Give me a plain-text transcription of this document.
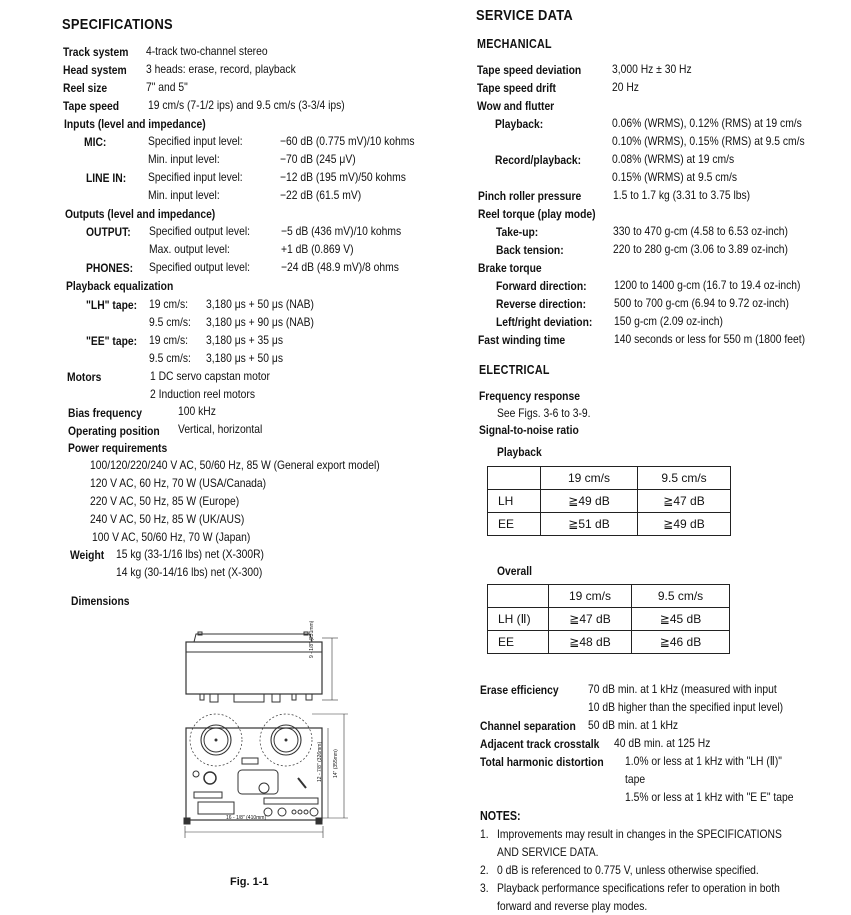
SPECIFICATIONS
Track system 4-track two-channel stereo
Head system 3 heads: erase, record, playback
Reel size	7" and 5"
Tape speed 19 cm/s (7-1/2 ips) and 9.5 cm/s (3-3/4 ips)
Inputs (level and impedance)
MIC:	Specified input level:	−60 dB (0.775 mV)/10 kohms
Min. input level:	−70 dB (245 μV)
LINE IN: Specified input level:	−12 dB (195 mV)/50 kohms
Min. input level:	−22 dB (61.5 mV)
Outputs (level and impedance)
OUTPUT: Specified output level:	−5 dB (436 mV)/10 kohms
Max. output level:	+1 dB (0.869 V)
PHONES: Specified output level:	−24 dB (48.9 mV)/8 ohms
Playback equalization
"LH" tape: 19 cm/s: 3,180 μs + 50 μs (NAB)
9.5 cm/s: 3,180 μs + 90 μs (NAB)
"EE" tape: 19 cm/s: 3,180 μs + 35 μs
9.5 cm/s: 3,180 μs + 50 μs
Motors	1 DC servo capstan motor
2 Induction reel motors
Bias frequency	100 kHz
Operating position Vertical, horizontal
Power requirements
100/120/220/240 V AC, 50/60 Hz, 85 W (General export model)
120 V AC, 60 Hz, 70 W (USA/Canada)
220 V AC, 50 Hz, 85 W (Europe)
240 V AC, 50 Hz, 85 W (UK/AUS)
100 V AC, 50/60 Hz, 70 W (Japan)
Weight 15 kg (33-1/16 lbs) net (X-300R)
14 kg (30-14/16 lbs) net (X-300)
Dimensions
9 - 1/8" (231mm)
12 - 7/8" (326mm) 14" (355mm)
16 - 1/8" (410mm)
Fig. 1-1
SERVICE DATA
MECHANICAL
Tape speed deviation	3,000 Hz ± 30 Hz
Tape speed drift	20 Hz
Wow and flutter
Playback:	0.06% (WRMS), 0.12% (RMS) at 19 cm/s
0.10% (WRMS), 0.15% (RMS) at 9.5 cm/s
Record/playback:	0.08% (WRMS) at 19 cm/s
0.15% (WRMS) at 9.5 cm/s
Pinch roller pressure	1.5 to 1.7 kg (3.31 to 3.75 lbs)
Reel torque (play mode)
Take-up:	330 to 470 g-cm (4.58 to 6.53 oz-inch)
Back tension:	220 to 280 g-cm (3.06 to 3.89 oz-inch)
Brake torque
Forward direction: 1200 to 1400 g-cm (16.7 to 19.4 oz-inch)
Reverse direction: 500 to 700 g-cm (6.94 to 9.72 oz-inch)
Left/right deviation: 150 g-cm (2.09 oz-inch)
Fast winding time	140 seconds or less for 550 m (1800 feet)
ELECTRICAL
Frequency response
See Figs. 3-6 to 3-9.
Signal-to-noise ratio
Playback
	19 cm/s	9.5 cm/s
LH	≧49 dB	≧47 dB
EE	≧51 dB	≧49 dB
Overall
	19 cm/s	9.5 cm/s
LH (Ⅱ)	≧47 dB	≧45 dB
EE	≧48 dB	≧46 dB
Erase efficiency 70 dB min. at 1 kHz (measured with input
10 dB higher than the specified input level)
Channel separation 50 dB min. at 1 kHz
Adjacent track crosstalk 40 dB min. at 125 Hz
Total harmonic distortion 1.0% or less at 1 kHz with "LH (Ⅱ)"
tape
1.5% or less at 1 kHz with "E E" tape
NOTES:
1. Improvements may result in changes in the SPECIFICATIONS
AND SERVICE DATA.
2. 0 dB is referenced to 0.775 V, unless otherwise specified.
3. Playback performance specifications refer to operation in both
forward and reverse play modes.
